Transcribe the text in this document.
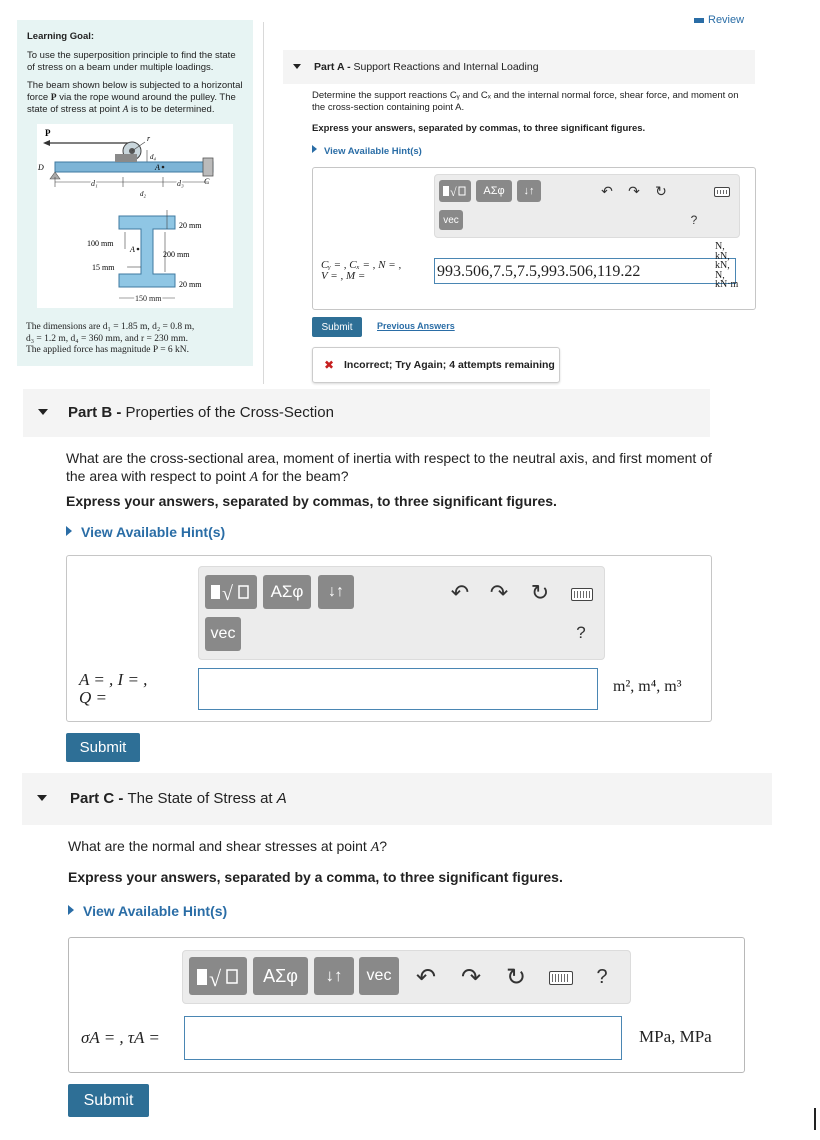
Review
Learning Goal:

To use the superposition principle to find the state of stress on a beam under multiple loadings.

The beam shown below is subjected to a horizontal force P via the rope wound around the pulley. The state of stress at point A is to be determined.

P
r
d₄
A
D
C
d₁
d₂
d₃
A
20 mm
100 mm
200 mm
15 mm
20 mm
150 mm
The dimensions are d₁ = 1.85 m, d₂ = 0.8 m,
d₃ = 1.2 m, d₄ = 360 mm, and r = 230 mm.
The applied force has magnitude P = 6 kN.
Part A - Support Reactions and Internal Loading
Determine the support reactions Cᵧ and Cₓ and the internal normal force, shear force, and moment on the cross-section containing point A.
Express your answers, separated by commas, to three significant figures.
View Available Hint(s)
√	ΑΣφ	↓↑
vec
↶ ↷ ↻
?
Cᵧ = , Cₓ = , N = ,
V = , M =	993.506,7.5,7.5,993.506,119.22
N,
kN,
kN,
N,
kN·m
Submit	Previous Answers
✖ Incorrect; Try Again; 4 attempts remaining
Part B - Properties of the Cross-Section
What are the cross-sectional area, moment of inertia with respect to the neutral axis, and first moment of the area with respect to point A for the beam?
Express your answers, separated by commas, to three significant figures.
View Available Hint(s)
√	ΑΣφ	↓↑
vec
↶ ↷ ↻
?
A = , I = ,
Q =
m², m⁴, m³
Submit
Part C - The State of Stress at A
What are the normal and shear stresses at point A?
Express your answers, separated by a comma, to three significant figures.
View Available Hint(s)
√	ΑΣφ	↓↑	vec	↶ ↷ ↻	?
σA = , τA =	MPa, MPa
Submit
